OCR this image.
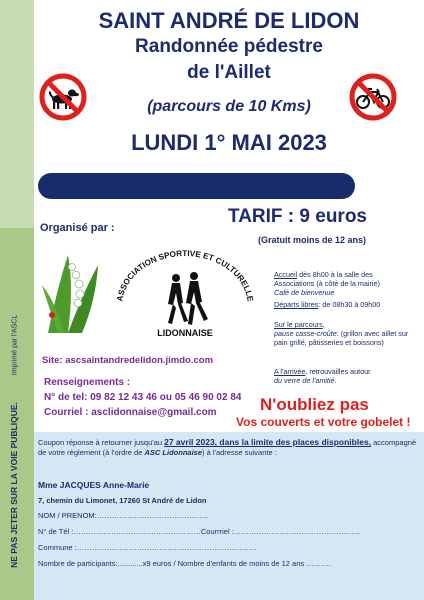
Imprimé par l'ASCL
NE PAS JETER SUR LA VOIE PUBLIQUE.
SAINT ANDRÉ DE LIDON
Randonnée pédestre
de l'Aillet
(parcours de 10 Kms)
LUNDI 1° MAI 2023
Organisé par :
TARIF : 9 euros
(Gratuit moins de 12 ans)
ASSOCIATION SPORTIVE ET CULTURELLE
LIDONNAISE
Accueil dès 8h00 à la salle des Associations (à côté de la mairie)
Café de bienvenue
Départs libres: de 08h30 à 09h00
Sur le parcours,
pause casse-croûte: (grillon avec aillet sur pain grillé, pâtisseries et boissons)
A l'arrivée, retrouvailles autour
du verre de l'amitié.
Site: ascsaintandredelidon.jimdo.com
Renseignements :
N° de tel: 09 82 12 43 46 ou 05 46 90 02 84
Courriel : asclidonnaise@gmail.com	N'oubliez pas
Vos couverts et votre gobelet !
Coupon réponse à retourner jusqu'au 27 avril 2023, dans la limite des places disponibles, accompagné de votre règlement (à l'ordre de ASC Lidonnaise) à l'adresse suivante :
Mme JACQUES Anne-Marie
7, chemin du Limonet, 17260 St André de Lidon
NOM / PRENOM:………………………………………
N° de Tél :……………………………………………Courrriel :……………………………………………
Commune :………………………………………………………………
Nombre de participants:............x9 euros / Nombre d'enfants de moins de 12 ans ……….
